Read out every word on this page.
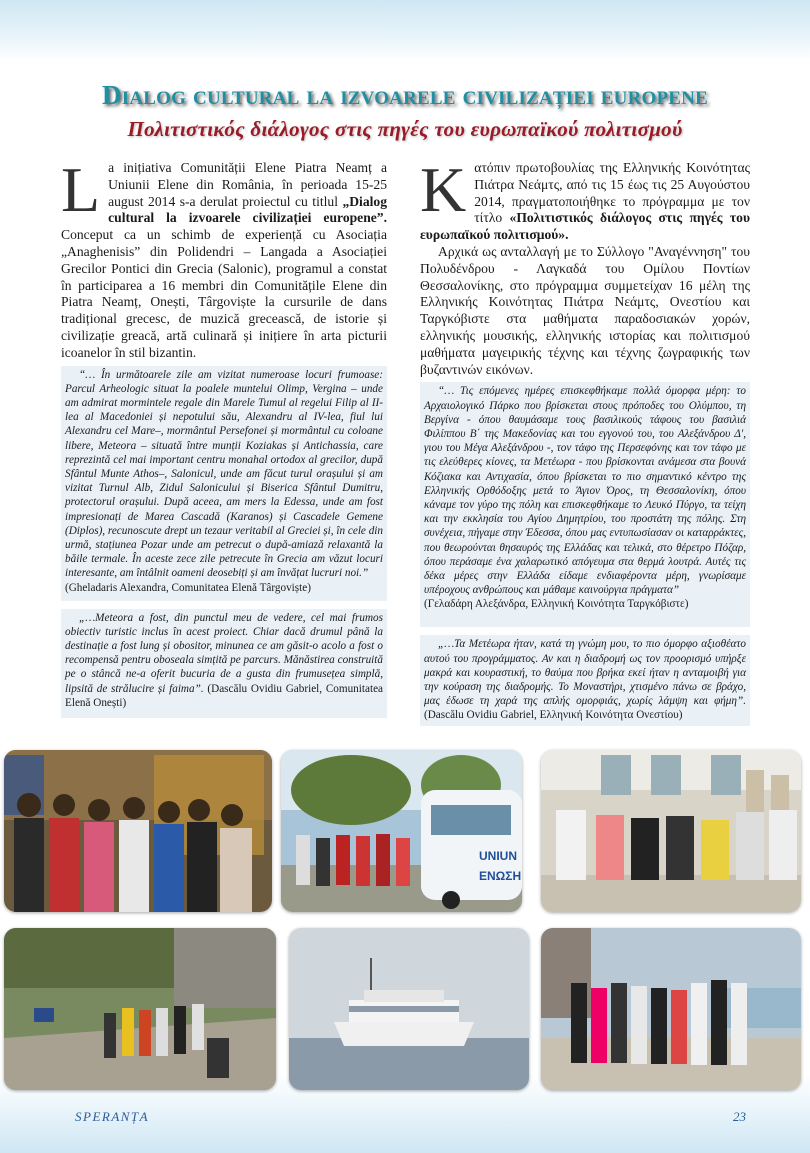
Dialog cultural la izvoarele civilizației europene
Πολιτιστικός διάλογος στις πηγές του ευρωπαϊκού πολιτισμού

La inițiativa Comunității Elene Piatra Neamț a Uniunii Elene din România, în perioada 15-25 august 2014 s-a derulat proiectul cu titlul „Dialog cultural la izvoarele civilizației europene”. Conceput ca un schimb de experiență cu Asociația „Anaghenisis” din Polidendri – Langada a Asociației Grecilor Pontici din Grecia (Salonic), programul a constat în participarea a 16 membri din Comunitățile Elene din Piatra Neamț, Onești, Târgoviște la cursurile de dans tradițional grecesc, de muzică grecească, de istorie și civilizație greacă, artă culinară și inițiere în arta picturii icoanelor în stil bizantin.

“… În următoarele zile am vizitat numeroase locuri frumoase: Parcul Arheologic situat la poalele muntelui Olimp, Vergina – unde am admirat mormintele regale din Marele Tumul al regelui Filip al II-lea al Macedoniei și nepotului său, Alexandru al IV-lea, fiul lui Alexandru cel Mare–, mormântul Persefonei și mormântul cu coloane libere, Meteora – situată între munții Koziakas și Antichassia, care reprezintă cel mai important centru monahal ortodox al grecilor, după Sfântul Munte Athos–, Salonicul, unde am făcut turul orașului și am vizitat Turnul Alb, Zidul Salonicului și Biserica Sfântul Dumitru, protectorul orașului. După aceea, am mers la Edessa, unde am fost impresionați de Marea Cascadă (Karanos) și Cascadele Gemene (Diplos), recunoscute drept un tezaur veritabil al Greciei și, în cele din urmă, stațiunea Pozar unde am petrecut o după-amiază relaxantă la băile termale. În aceste zece zile petrecute în Grecia am văzut locuri interesante, am întâlnit oameni deosebiți și am învățat lucruri noi.”
(Gheladaris Alexandra, Comunitatea Elenă Târgoviște)
„…Meteora a fost, din punctul meu de vedere, cel mai frumos obiectiv turistic inclus în acest proiect. Chiar dacă drumul până la destinație a fost lung și obositor, minunea ce am găsit-o acolo a fost o recompensă pentru oboseala simțită pe parcurs. Mănăstirea construită pe o stâncă ne-a oferit bucuria de a gusta din frumusețea simplă, lipsită de strălucire și faima”. (Dascălu Ovidiu Gabriel, Comunitatea Elenă Onești)

Kατόπιν πρωτοβουλίας της Ελληνικής Κοινότητας Πιάτρα Νεάμτς, από τις 15 έως τις 25 Αυγούστου 2014, πραγματοποιήθηκε το πρόγραμμα με τον τίτλο «Πολιτιστικός διάλογος στις πηγές του ευρωπαϊκού πολιτισμού».

Αρχικά ως ανταλλαγή με το Σύλλογο "Αναγέννηση" του Πολυδένδρου - Λαγκαδά του Ομίλου Ποντίων Θεσσαλονίκης, στο πρόγραμμα συμμετείχαν 16 μέλη της Ελληνικής Κοινότητας Πιάτρα Νεάμτς, Ονεστίου και Ταργκόβιστε στα μαθήματα παραδοσιακών χορών, ελληνικής μουσικής, ελληνικής ιστορίας και πολιτισμού μαθήματα μαγειρικής τέχνης και τέχνης ζωγραφικής των βυζαντινών εικόνων.

“… Τις επόμενες ημέρες επισκεφθήκαμε πολλά όμορφα μέρη: το Αρχαιολογικό Πάρκο που βρίσκεται στους πρόποδες του Ολύμπου, τη Βεργίνα - όπου θαυμάσαμε τους βασιλικούς τάφους του βασιλιά Φιλίππου Β΄ της Μακεδονίας και του εγγονού του, του Αλεξάνδρου Δ', γιου του Μέγα Αλεξάνδρου -, τον τάφο της Περσεφόνης και τον τάφο με τις ελεύθερες κίονες, τα Μετέωρα - που βρίσκονται ανάμεσα στα βουνά Κόζιακα και Αντιχασία, όπου βρίσκεται το πιο σημαντικό κέντρο της Ελληνικής Ορθόδοξης μετά το Άγιον Όρος, τη Θεσσαλονίκη, όπου κάναμε τον γύρο της πόλη και επισκεφθήκαμε το Λευκό Πύργο, τα τείχη και την εκκλησία του Αγίου Δημητρίου, του προστάτη της πόλης. Στη συνέχεια, πήγαμε στην Έδεσσα, όπου μας εντυπωσίασαν οι καταρράκτες, που θεωρούνται θησαυρός της Ελλάδας και τελικά, στο θέρετρο Πόζαρ, όπου περάσαμε ένα χαλαρωτικό απόγευμα στα θερμά λουτρά. Αυτές τις δέκα μέρες στην Ελλάδα είδαμε ενδιαφέροντα μέρη, γνωρίσαμε υπέροχους ανθρώπους και μάθαμε καινούργια πράγματα”
(Γελαδάρη Αλεξάνδρα, Ελληνική Κοινότητα Ταργκόβιστε)
„…Τα Μετέωρα ήταν, κατά τη γνώμη μου, το πιο όμορφο αξιοθέατο αυτού του προγράμματος. Αν και η διαδρομή ως τον προορισμό υπήρξε μακρά και κουραστική, το θαύμα που βρήκα εκεί ήταν η ανταμοιβή για την κούραση της διαδρομής. Το Μοναστήρι, χτισμένο πάνω σε βράχο, μας έδωσε τη χαρά της απλής ομορφιάς, χωρίς λάμψη και φήμη”. (Dascălu Ovidiu Gabriel, Ελληνική Κοινότητα Ονεστίου)
UNIUN
ΕΝΩΣΗ
SPERANȚA	23
